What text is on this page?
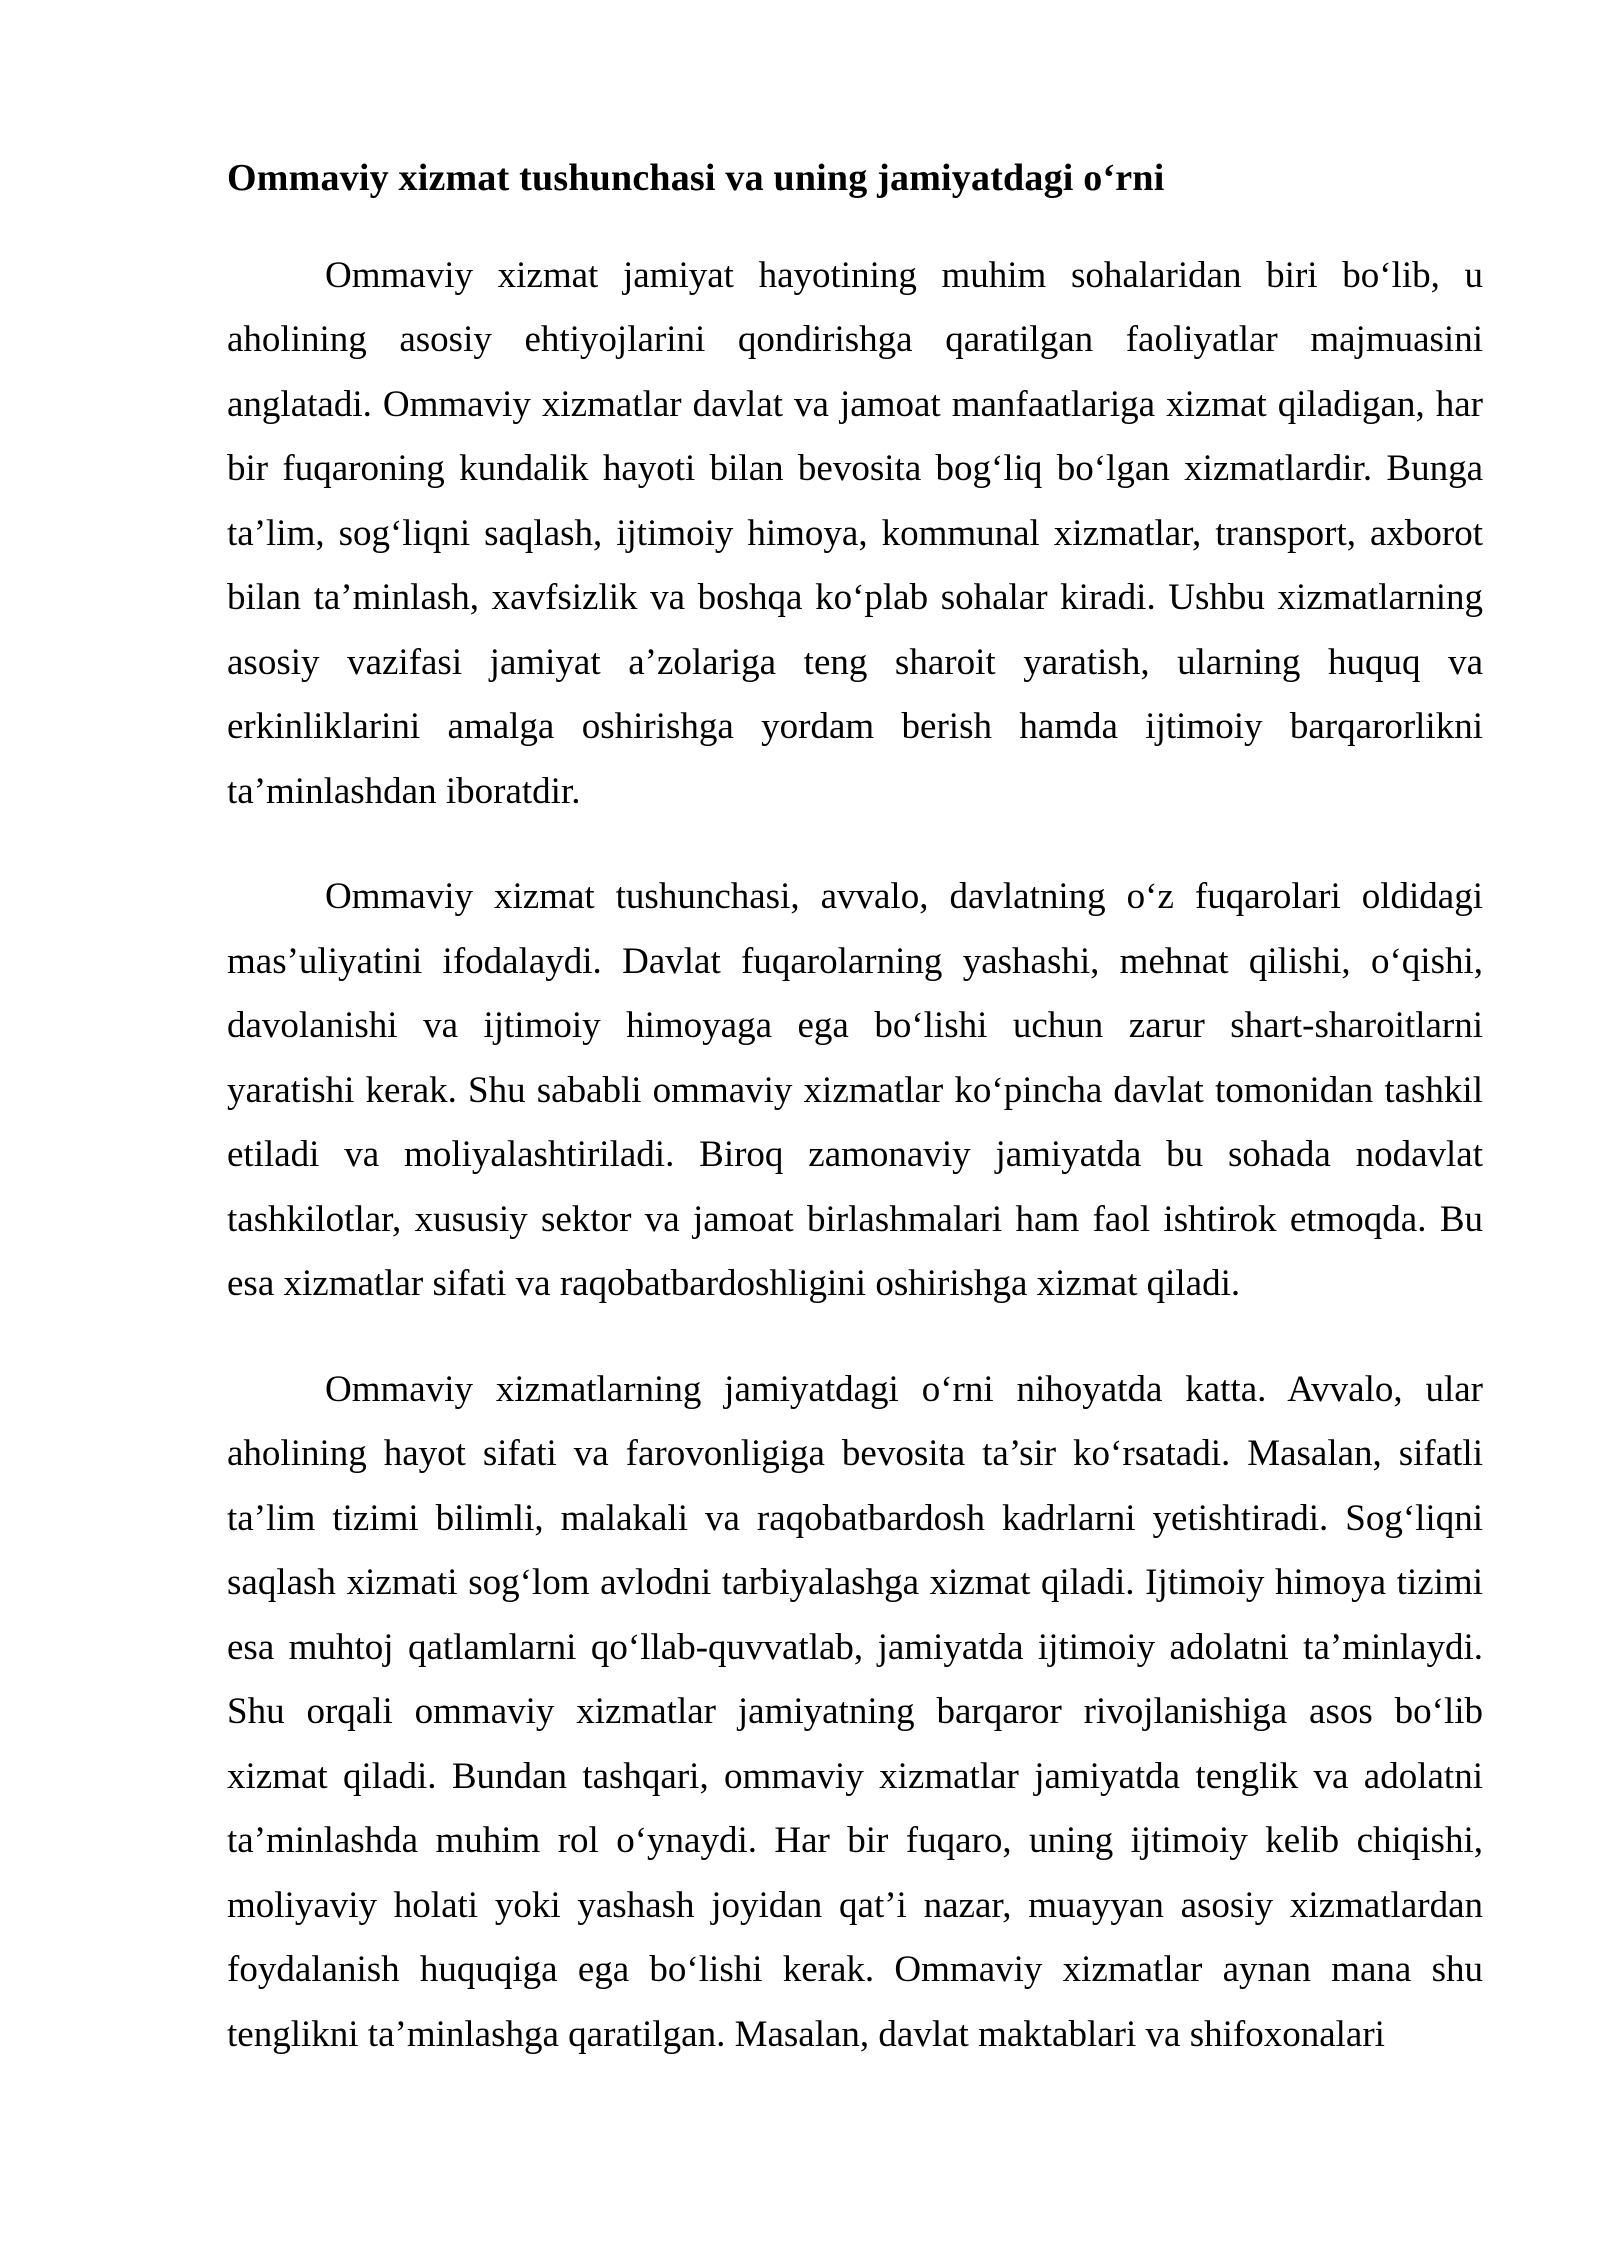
Ommaviy xizmat tushunchasi va uning jamiyatdagi o‘rni
Ommaviy xizmat jamiyat hayotining muhim sohalaridan biri bo‘lib, u
aholining asosiy ehtiyojlarini qondirishga qaratilgan faoliyatlar majmuasini
anglatadi. Ommaviy xizmatlar davlat va jamoat manfaatlariga xizmat qiladigan, har
bir fuqaroning kundalik hayoti bilan bevosita bog‘liq bo‘lgan xizmatlardir. Bunga
ta’lim, sog‘liqni saqlash, ijtimoiy himoya, kommunal xizmatlar, transport, axborot
bilan ta’minlash, xavfsizlik va boshqa ko‘plab sohalar kiradi. Ushbu xizmatlarning
asosiy vazifasi jamiyat a’zolariga teng sharoit yaratish, ularning huquq va
erkinliklarini amalga oshirishga yordam berish hamda ijtimoiy barqarorlikni
ta’minlashdan iboratdir.
Ommaviy xizmat tushunchasi, avvalo, davlatning o‘z fuqarolari oldidagi
mas’uliyatini ifodalaydi. Davlat fuqarolarning yashashi, mehnat qilishi, o‘qishi,
davolanishi va ijtimoiy himoyaga ega bo‘lishi uchun zarur shart-sharoitlarni
yaratishi kerak. Shu sababli ommaviy xizmatlar ko‘pincha davlat tomonidan tashkil
etiladi va moliyalashtiriladi. Biroq zamonaviy jamiyatda bu sohada nodavlat
tashkilotlar, xususiy sektor va jamoat birlashmalari ham faol ishtirok etmoqda. Bu
esa xizmatlar sifati va raqobatbardoshligini oshirishga xizmat qiladi.
Ommaviy xizmatlarning jamiyatdagi o‘rni nihoyatda katta. Avvalo, ular
aholining hayot sifati va farovonligiga bevosita ta’sir ko‘rsatadi. Masalan, sifatli
ta’lim tizimi bilimli, malakali va raqobatbardosh kadrlarni yetishtiradi. Sog‘liqni
saqlash xizmati sog‘lom avlodni tarbiyalashga xizmat qiladi. Ijtimoiy himoya tizimi
esa muhtoj qatlamlarni qo‘llab-quvvatlab, jamiyatda ijtimoiy adolatni ta’minlaydi.
Shu orqali ommaviy xizmatlar jamiyatning barqaror rivojlanishiga asos bo‘lib
xizmat qiladi. Bundan tashqari, ommaviy xizmatlar jamiyatda tenglik va adolatni
ta’minlashda muhim rol o‘ynaydi. Har bir fuqaro, uning ijtimoiy kelib chiqishi,
moliyaviy holati yoki yashash joyidan qat’i nazar, muayyan asosiy xizmatlardan
foydalanish huquqiga ega bo‘lishi kerak. Ommaviy xizmatlar aynan mana shu
tenglikni ta’minlashga qaratilgan. Masalan, davlat maktablari va shifoxonalari
